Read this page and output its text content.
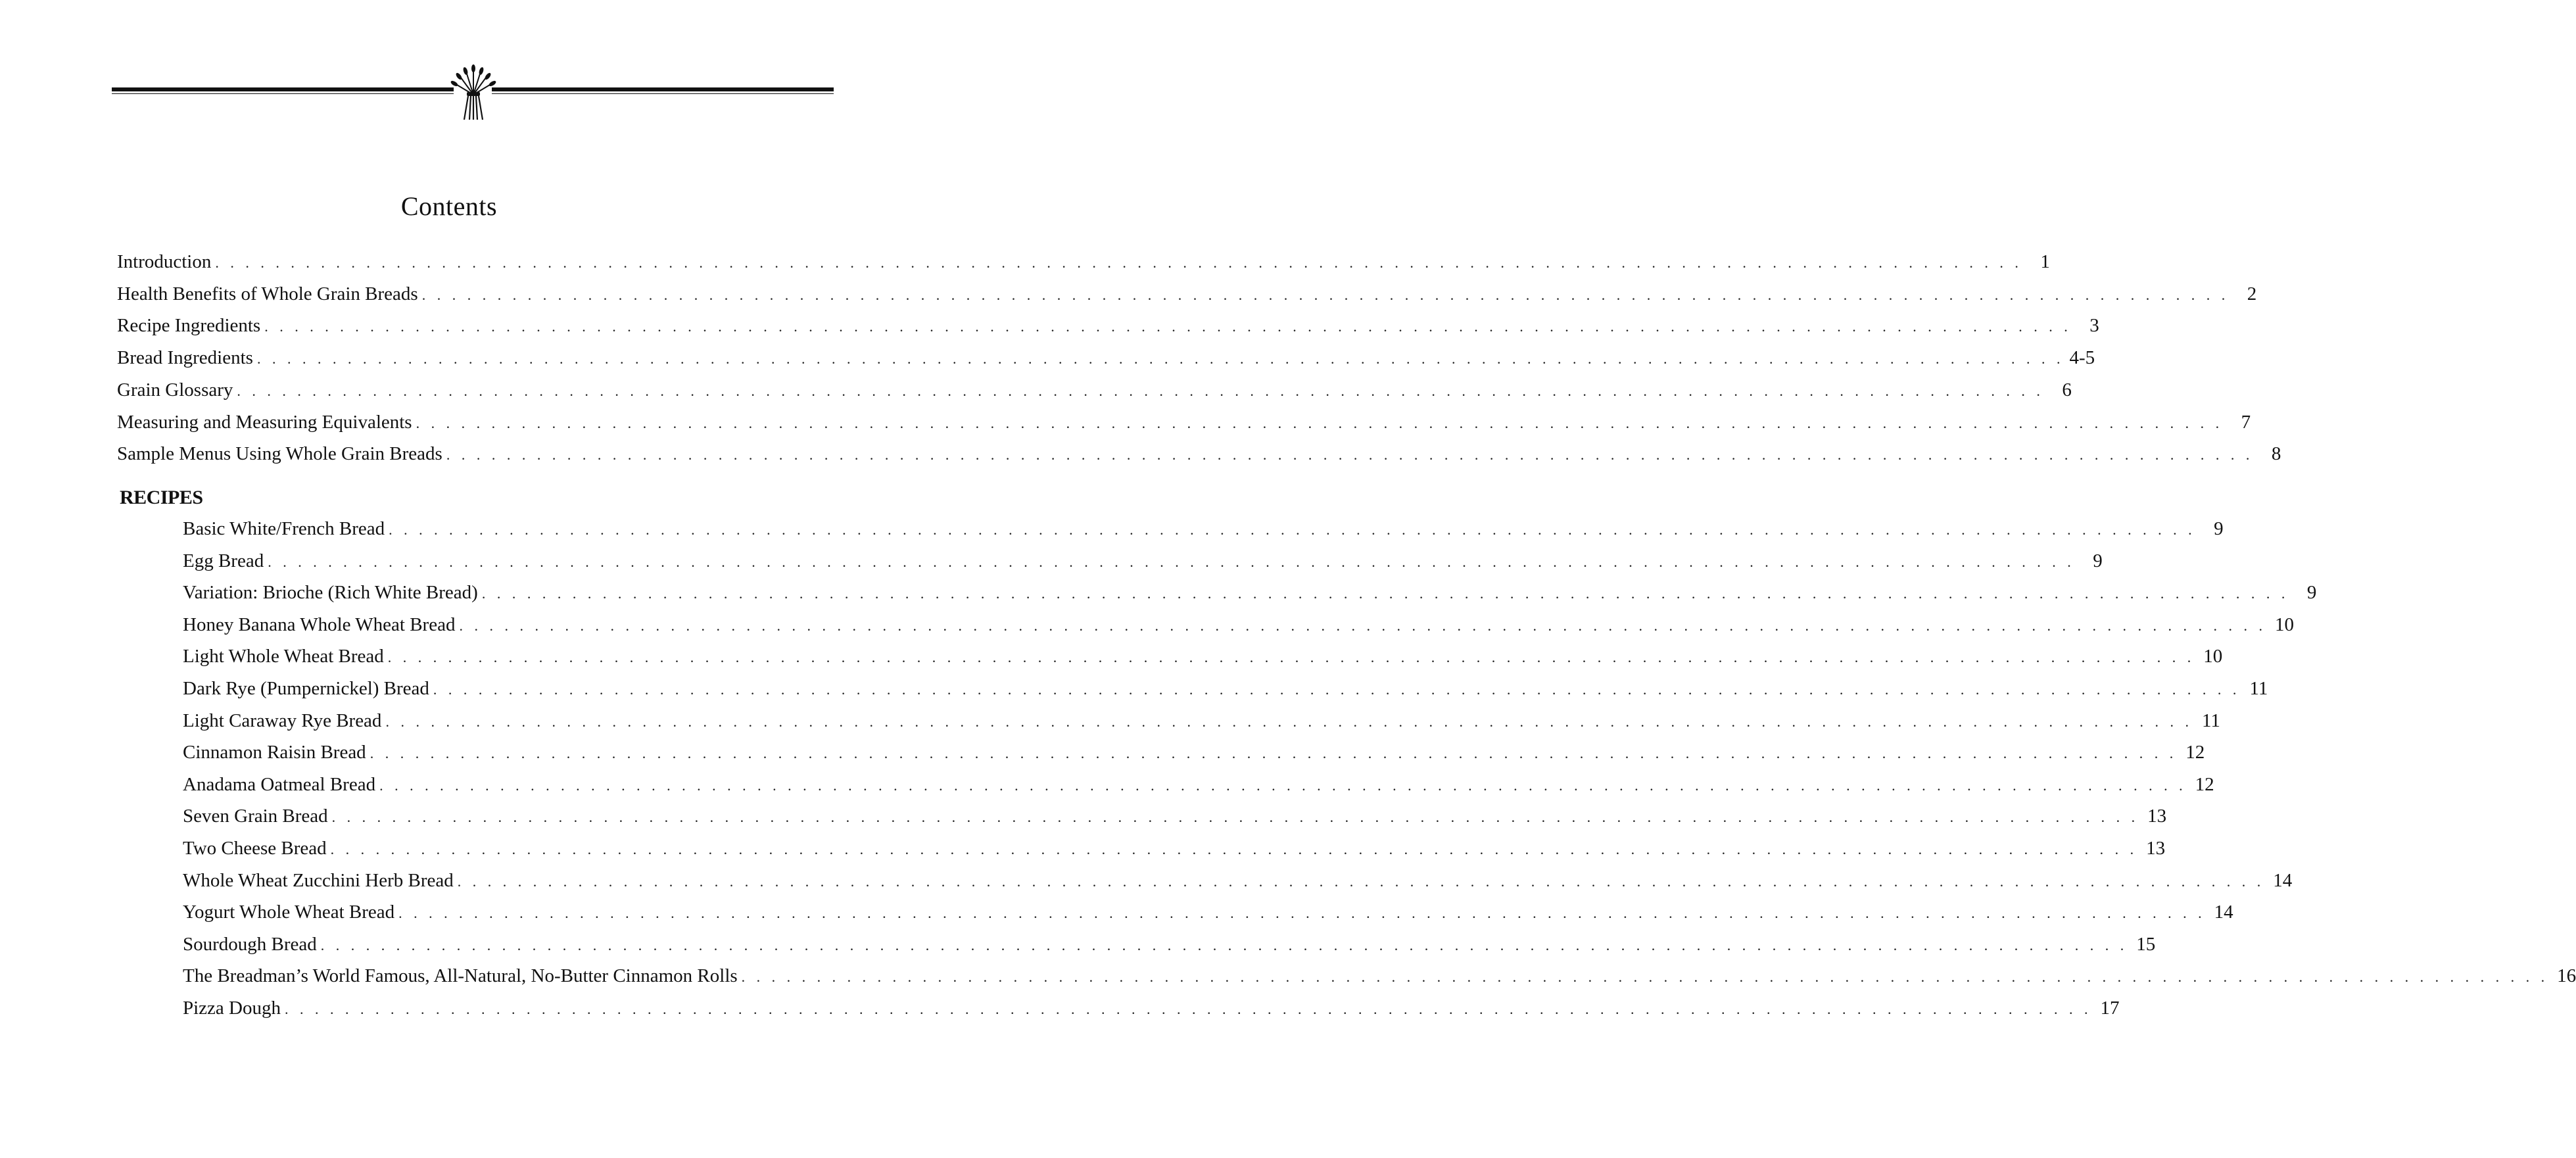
Contents
Introduction . . . . . . . . . . . . . . . . . . . . . . . . . . . . . . . . . . . . . . . . . . . . . . . . . . . . . . . . . . . . . . . . . . . . . . . . . . . . . . . . . . . . . . . . . . . . . . . . . . . . . . . . . . . . . . . . . . . . . . . . 1
Health Benefits of Whole Grain Breads . . . . . . . . . . . . . . . . . . . . . . . . . . . . . . . . . . . . . . . . . . . . . . . . . . . . . . . . . . . . . . . . . . . . . . . . . . . . . . . . . . . . . . . . . . . . . . . . . . . . . . . . . . . . . . . . . . . . . . . . 2
Recipe Ingredients . . . . . . . . . . . . . . . . . . . . . . . . . . . . . . . . . . . . . . . . . . . . . . . . . . . . . . . . . . . . . . . . . . . . . . . . . . . . . . . . . . . . . . . . . . . . . . . . . . . . . . . . . . . . . . . . . . . . . . . . 3
Bread Ingredients . . . . . . . . . . . . . . . . . . . . . . . . . . . . . . . . . . . . . . . . . . . . . . . . . . . . . . . . . . . . . . . . . . . . . . . . . . . . . . . . . . . . . . . . . . . . . . . . . . . . . . . . . . . . . . . . . . . . . . . . 4-5
Grain Glossary . . . . . . . . . . . . . . . . . . . . . . . . . . . . . . . . . . . . . . . . . . . . . . . . . . . . . . . . . . . . . . . . . . . . . . . . . . . . . . . . . . . . . . . . . . . . . . . . . . . . . . . . . . . . . . . . . . . . . . . . 6
Measuring and Measuring Equivalents . . . . . . . . . . . . . . . . . . . . . . . . . . . . . . . . . . . . . . . . . . . . . . . . . . . . . . . . . . . . . . . . . . . . . . . . . . . . . . . . . . . . . . . . . . . . . . . . . . . . . . . . . . . . . . . . . . . . . . . . 7
Sample Menus Using Whole Grain Breads . . . . . . . . . . . . . . . . . . . . . . . . . . . . . . . . . . . . . . . . . . . . . . . . . . . . . . . . . . . . . . . . . . . . . . . . . . . . . . . . . . . . . . . . . . . . . . . . . . . . . . . . . . . . . . . . . . . . . . . . 8
Basic White/French Bread . . . . . . . . . . . . . . . . . . . . . . . . . . . . . . . . . . . . . . . . . . . . . . . . . . . . . . . . . . . . . . . . . . . . . . . . . . . . . . . . . . . . . . . . . . . . . . . . . . . . . . . . . . . . . . . . . . . . . . . . 9
Egg Bread . . . . . . . . . . . . . . . . . . . . . . . . . . . . . . . . . . . . . . . . . . . . . . . . . . . . . . . . . . . . . . . . . . . . . . . . . . . . . . . . . . . . . . . . . . . . . . . . . . . . . . . . . . . . . . . . . . . . . . . . 9
Variation: Brioche (Rich White Bread) . . . . . . . . . . . . . . . . . . . . . . . . . . . . . . . . . . . . . . . . . . . . . . . . . . . . . . . . . . . . . . . . . . . . . . . . . . . . . . . . . . . . . . . . . . . . . . . . . . . . . . . . . . . . . . . . . . . . . . . . 9
Honey Banana Whole Wheat Bread . . . . . . . . . . . . . . . . . . . . . . . . . . . . . . . . . . . . . . . . . . . . . . . . . . . . . . . . . . . . . . . . . . . . . . . . . . . . . . . . . . . . . . . . . . . . . . . . . . . . . . . . . . . . . . . . . . . . . . . . 10
Light Whole Wheat Bread . . . . . . . . . . . . . . . . . . . . . . . . . . . . . . . . . . . . . . . . . . . . . . . . . . . . . . . . . . . . . . . . . . . . . . . . . . . . . . . . . . . . . . . . . . . . . . . . . . . . . . . . . . . . . . . . . . . . . . . . 10
Dark Rye (Pumpernickel) Bread . . . . . . . . . . . . . . . . . . . . . . . . . . . . . . . . . . . . . . . . . . . . . . . . . . . . . . . . . . . . . . . . . . . . . . . . . . . . . . . . . . . . . . . . . . . . . . . . . . . . . . . . . . . . . . . . . . . . . . . . 11
Light Caraway Rye Bread . . . . . . . . . . . . . . . . . . . . . . . . . . . . . . . . . . . . . . . . . . . . . . . . . . . . . . . . . . . . . . . . . . . . . . . . . . . . . . . . . . . . . . . . . . . . . . . . . . . . . . . . . . . . . . . . . . . . . . . . 11
Cinnamon Raisin Bread . . . . . . . . . . . . . . . . . . . . . . . . . . . . . . . . . . . . . . . . . . . . . . . . . . . . . . . . . . . . . . . . . . . . . . . . . . . . . . . . . . . . . . . . . . . . . . . . . . . . . . . . . . . . . . . . . . . . . . . . 12
Anadama Oatmeal Bread . . . . . . . . . . . . . . . . . . . . . . . . . . . . . . . . . . . . . . . . . . . . . . . . . . . . . . . . . . . . . . . . . . . . . . . . . . . . . . . . . . . . . . . . . . . . . . . . . . . . . . . . . . . . . . . . . . . . . . . . 12
Seven Grain Bread . . . . . . . . . . . . . . . . . . . . . . . . . . . . . . . . . . . . . . . . . . . . . . . . . . . . . . . . . . . . . . . . . . . . . . . . . . . . . . . . . . . . . . . . . . . . . . . . . . . . . . . . . . . . . . . . . . . . . . . . 13
Two Cheese Bread . . . . . . . . . . . . . . . . . . . . . . . . . . . . . . . . . . . . . . . . . . . . . . . . . . . . . . . . . . . . . . . . . . . . . . . . . . . . . . . . . . . . . . . . . . . . . . . . . . . . . . . . . . . . . . . . . . . . . . . . 13
Whole Wheat Zucchini Herb Bread . . . . . . . . . . . . . . . . . . . . . . . . . . . . . . . . . . . . . . . . . . . . . . . . . . . . . . . . . . . . . . . . . . . . . . . . . . . . . . . . . . . . . . . . . . . . . . . . . . . . . . . . . . . . . . . . . . . . . . . . 14
Yogurt Whole Wheat Bread . . . . . . . . . . . . . . . . . . . . . . . . . . . . . . . . . . . . . . . . . . . . . . . . . . . . . . . . . . . . . . . . . . . . . . . . . . . . . . . . . . . . . . . . . . . . . . . . . . . . . . . . . . . . . . . . . . . . . . . . 14
Sourdough Bread . . . . . . . . . . . . . . . . . . . . . . . . . . . . . . . . . . . . . . . . . . . . . . . . . . . . . . . . . . . . . . . . . . . . . . . . . . . . . . . . . . . . . . . . . . . . . . . . . . . . . . . . . . . . . . . . . . . . . . . . 15
The Breadman’s World Famous, All-Natural, No-Butter Cinnamon Rolls . . . . . . . . . . . . . . . . . . . . . . . . . . . . . . . . . . . . . . . . . . . . . . . . . . . . . . . . . . . . . . . . . . . . . . . . . . . . . . . . . . . . . . . . . . . . . . . . . . . . . . . . . . . . . . . . . . . . . . . . 16
Pizza Dough . . . . . . . . . . . . . . . . . . . . . . . . . . . . . . . . . . . . . . . . . . . . . . . . . . . . . . . . . . . . . . . . . . . . . . . . . . . . . . . . . . . . . . . . . . . . . . . . . . . . . . . . . . . . . . . . . . . . . . . . 17
RECIPES
